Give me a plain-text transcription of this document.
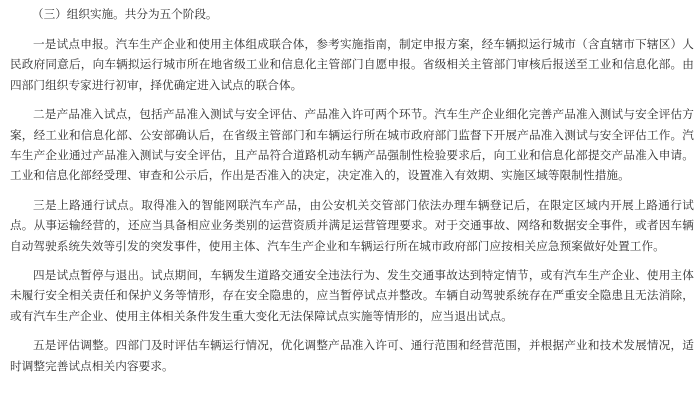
（三）组织实施。共分为五个阶段。

一是试点申报。汽车生产企业和使用主体组成联合体，参考实施指南，制定申报方案，经车辆拟运行城市（含直辖市下辖区）人民政府同意后，向车辆拟运行城市所在地省级工业和信息化主管部门自愿申报。省级相关主管部门审核后报送至工业和信息化部。由四部门组织专家进行初审，择优确定进入试点的联合体。

二是产品准入试点，包括产品准入测试与安全评估、产品准入许可两个环节。汽车生产企业细化完善产品准入测试与安全评估方案，经工业和信息化部、公安部确认后，在省级主管部门和车辆运行所在城市政府部门监督下开展产品准入测试与安全评估工作。汽车生产企业通过产品准入测试与安全评估，且产品符合道路机动车辆产品强制性检验要求后，向工业和信息化部提交产品准入申请。工业和信息化部经受理、审查和公示后，作出是否准入的决定，决定准入的，设置准入有效期、实施区域等限制性措施。

三是上路通行试点。取得准入的智能网联汽车产品，由公安机关交管部门依法办理车辆登记后，在限定区域内开展上路通行试点。从事运输经营的，还应当具备相应业务类别的运营资质并满足运营管理要求。对于交通事故、网络和数据安全事件，或者因车辆自动驾驶系统失效等引发的突发事件，使用主体、汽车生产企业和车辆运行所在城市政府部门应按相关应急预案做好处置工作。

四是试点暂停与退出。试点期间，车辆发生道路交通安全违法行为、发生交通事故达到特定情节，或有汽车生产企业、使用主体未履行安全相关责任和保护义务等情形，存在安全隐患的，应当暂停试点并整改。车辆自动驾驶系统存在严重安全隐患且无法消除，或有汽车生产企业、使用主体相关条件发生重大变化无法保障试点实施等情形的，应当退出试点。

五是评估调整。四部门及时评估车辆运行情况，优化调整产品准入许可、通行范围和经营范围，并根据产业和技术发展情况，适时调整完善试点相关内容要求。
